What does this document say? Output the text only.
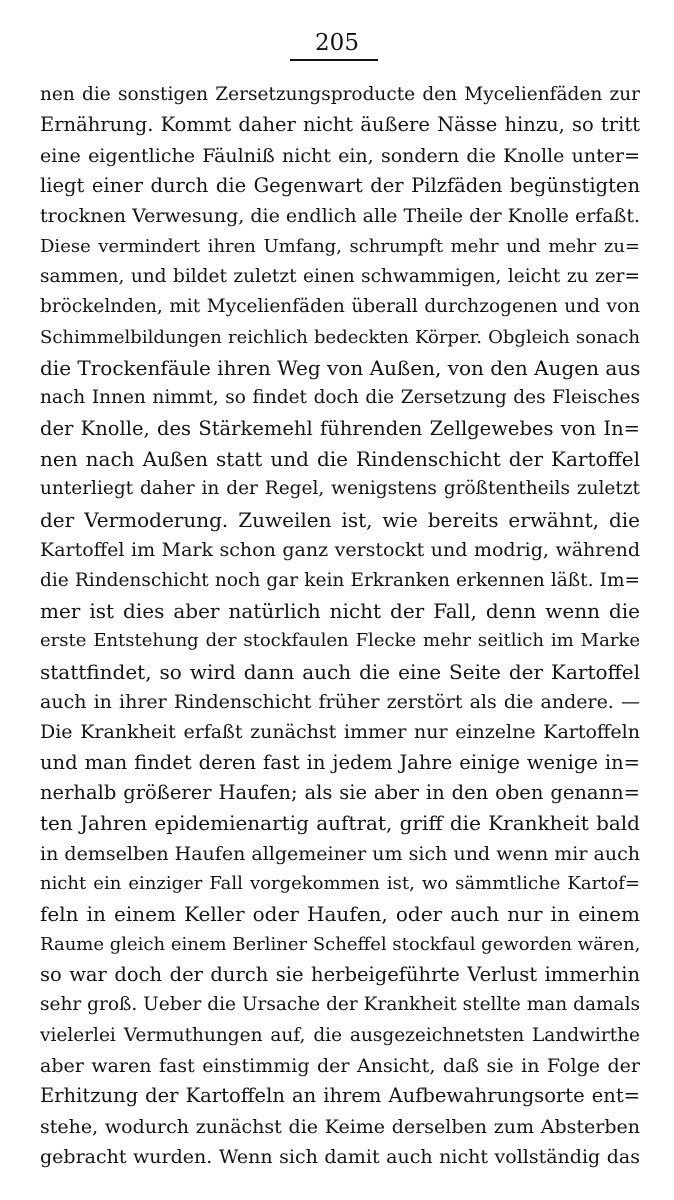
205
nen die sonstigen Zersetzungsproducte den Mycelienfäden zur
Ernährung. Kommt daher nicht äußere Nässe hinzu, so tritt
eine eigentliche Fäulniß nicht ein, sondern die Knolle unter=
liegt einer durch die Gegenwart der Pilzfäden begünstigten
trocknen Verwesung, die endlich alle Theile der Knolle erfaßt.
Diese vermindert ihren Umfang, schrumpft mehr und mehr zu=
sammen, und bildet zuletzt einen schwammigen, leicht zu zer=
bröckelnden, mit Mycelienfäden überall durchzogenen und von
Schimmelbildungen reichlich bedeckten Körper. Obgleich sonach
die Trockenfäule ihren Weg von Außen, von den Augen aus
nach Innen nimmt, so findet doch die Zersetzung des Fleisches
der Knolle, des Stärkemehl führenden Zellgewebes von In=
nen nach Außen statt und die Rindenschicht der Kartoffel
unterliegt daher in der Regel, wenigstens größtentheils zuletzt
der Vermoderung. Zuweilen ist, wie bereits erwähnt, die
Kartoffel im Mark schon ganz verstockt und modrig, während
die Rindenschicht noch gar kein Erkranken erkennen läßt. Im=
mer ist dies aber natürlich nicht der Fall, denn wenn die
erste Entstehung der stockfaulen Flecke mehr seitlich im Marke
stattfindet, so wird dann auch die eine Seite der Kartoffel
auch in ihrer Rindenschicht früher zerstört als die andere. —
Die Krankheit erfaßt zunächst immer nur einzelne Kartoffeln
und man findet deren fast in jedem Jahre einige wenige in=
nerhalb größerer Haufen; als sie aber in den oben genann=
ten Jahren epidemienartig auftrat, griff die Krankheit bald
in demselben Haufen allgemeiner um sich und wenn mir auch
nicht ein einziger Fall vorgekommen ist, wo sämmtliche Kartof=
feln in einem Keller oder Haufen, oder auch nur in einem
Raume gleich einem Berliner Scheffel stockfaul geworden wären,
so war doch der durch sie herbeigeführte Verlust immerhin
sehr groß. Ueber die Ursache der Krankheit stellte man damals
vielerlei Vermuthungen auf, die ausgezeichnetsten Landwirthe
aber waren fast einstimmig der Ansicht, daß sie in Folge der
Erhitzung der Kartoffeln an ihrem Aufbewahrungsorte ent=
stehe, wodurch zunächst die Keime derselben zum Absterben
gebracht wurden. Wenn sich damit auch nicht vollständig das
